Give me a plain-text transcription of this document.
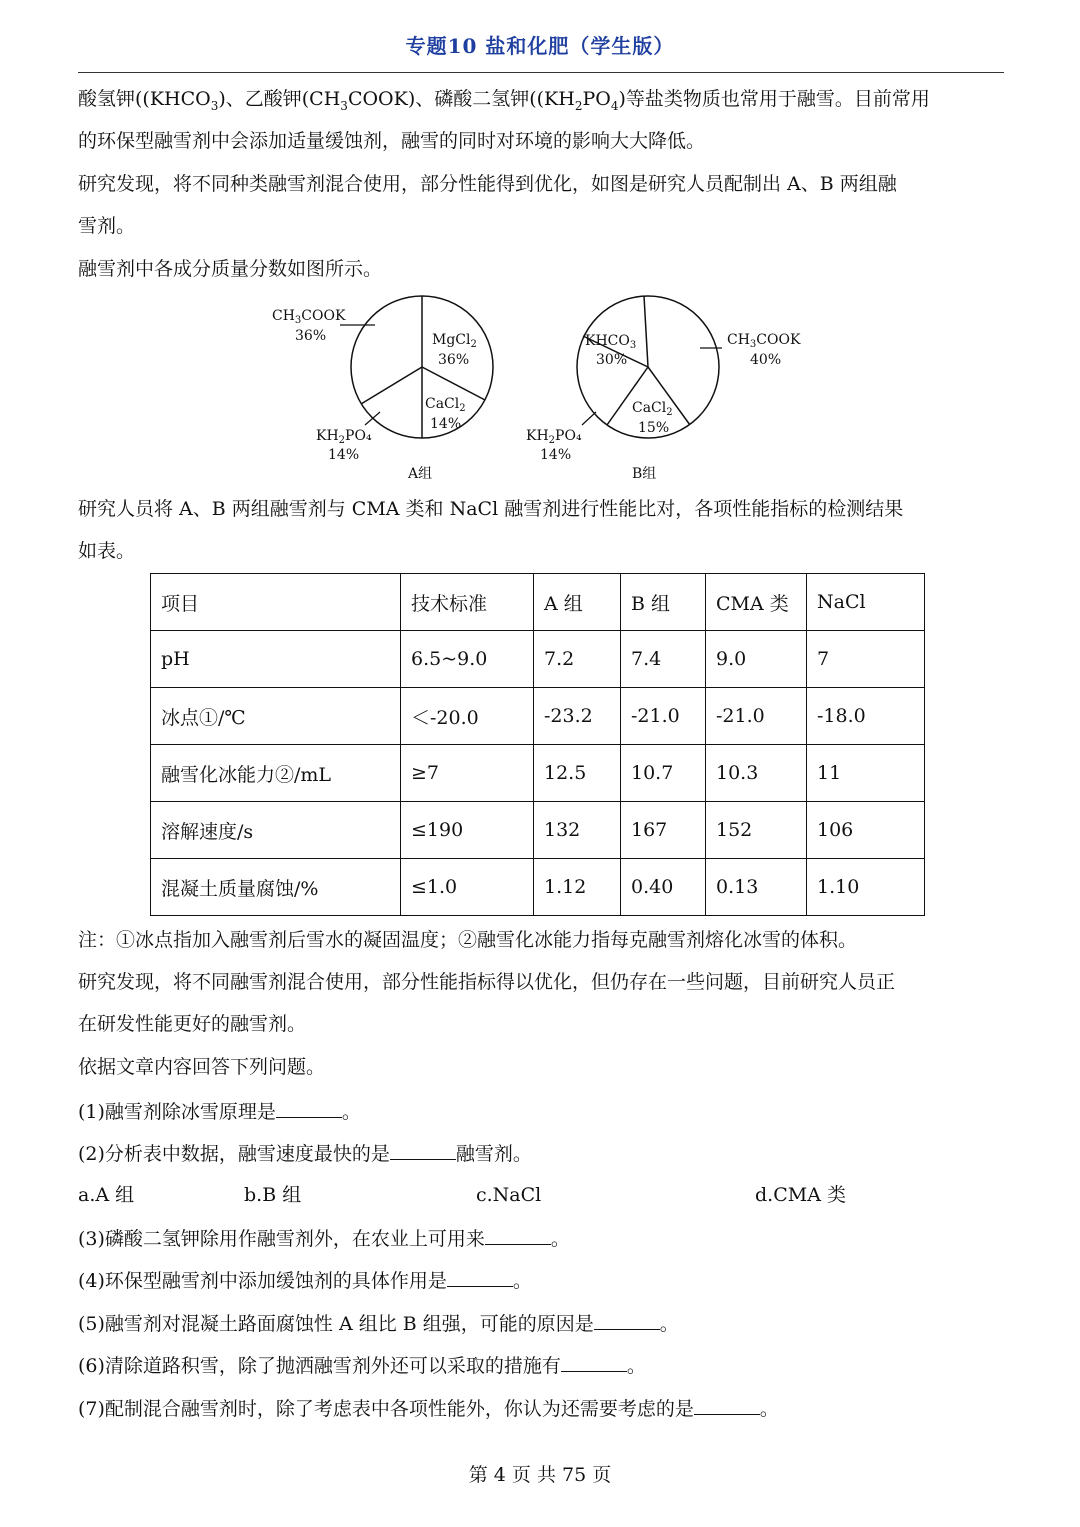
专题10 盐和化肥（学生版）
酸氢钾($(KHCO_3)$、乙酸钾$(CH_3COOK)$、磷酸二氢钾($(KH_2PO_4)$等盐类物质也常用于融雪。目前常用
的环保型融雪剂中会添加适量缓蚀剂，融雪的同时对环境的影响大大降低。
研究发现，将不同种类融雪剂混合使用，部分性能得到优化，如图是研究人员配制出 A、B 两组融
雪剂。
融雪剂中各成分质量分数如图所示。
$CH_3COOK$
36%	MgCl$_2$
36%
CaCl$_2$
14%
$KH_2PO_4$
14%
A组
$KHCO_3$
30%
$CH_3COOK$
40%
CaCl$_2$
15%
$KH_2PO_4$
14%
B组
研究人员将 A、B 两组融雪剂与 CMA 类和 NaCl 融雪剂进行性能比对，各项性能指标的检测结果
如表。
项目	技术标准	A 组	B 组	CMA 类	NaCl
pH	6.5~9.0	7.2	7.4	9.0	7
冰点①/℃	＜-20.0	-23.2	-21.0	-21.0	-18.0
融雪化冰能力②/mL	≥7	12.5	10.7	10.3	11
溶解速度/s	≤190	132	167	152	106
混凝土质量腐蚀/%	≤1.0	1.12	0.40	0.13	1.10
注：①冰点指加入融雪剂后雪水的凝固温度；②融雪化冰能力指每克融雪剂熔化冰雪的体积。
研究发现，将不同融雪剂混合使用，部分性能指标得以优化，但仍存在一些问题，目前研究人员正
在研发性能更好的融雪剂。
依据文章内容回答下列问题。
(1)融雪剂除冰雪原理是	。
(2)分析表中数据，融雪速度最快的是	融雪剂。
a.A 组	b.B 组	c.NaCl	d.CMA 类
(3)磷酸二氢钾除用作融雪剂外，在农业上可用来	。
(4)环保型融雪剂中添加缓蚀剂的具体作用是	。
(5)融雪剂对混凝土路面腐蚀性 A 组比 B 组强，可能的原因是	。
(6)清除道路积雪，除了抛洒融雪剂外还可以采取的措施有	。
(7)配制混合融雪剂时，除了考虑表中各项性能外，你认为还需要考虑的是	。
第 4 页 共 75 页
